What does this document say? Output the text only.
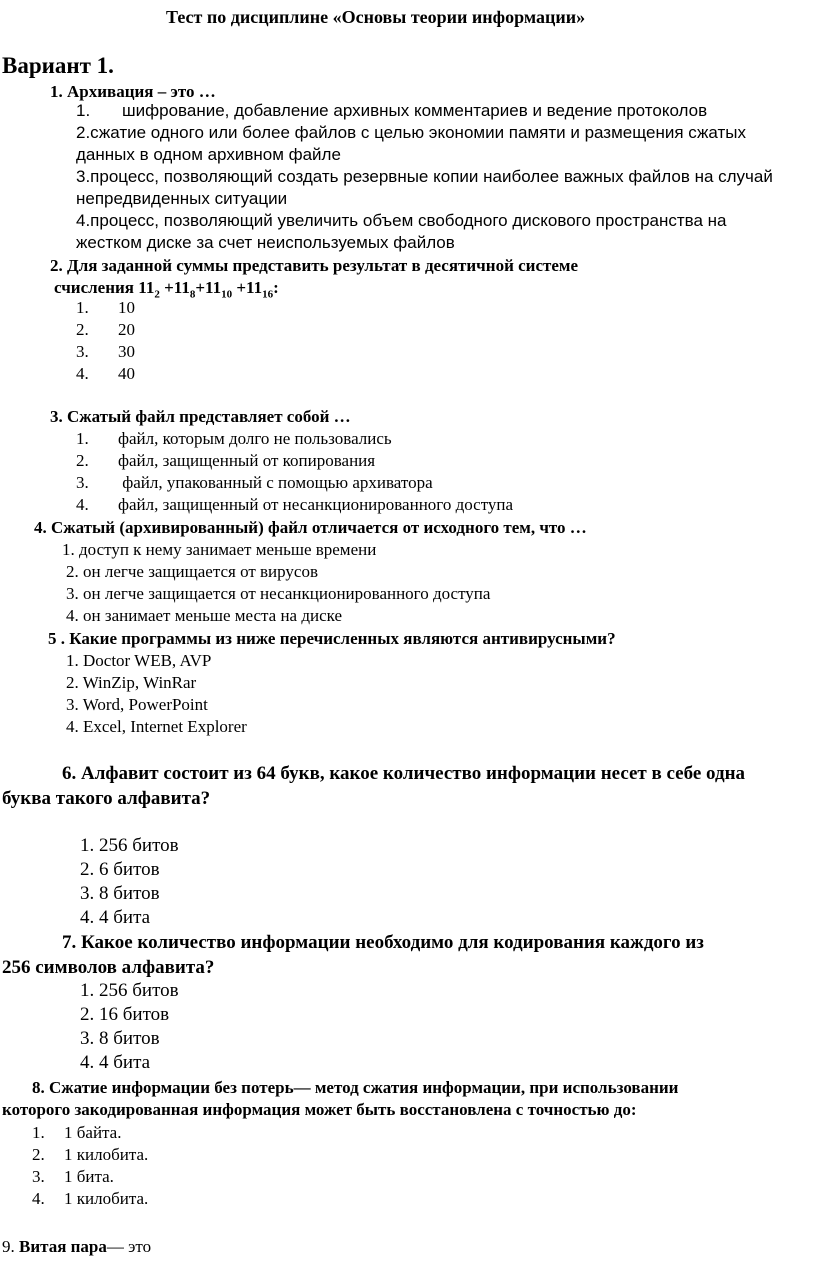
Тест по дисциплине «Основы теории информации»
Вариант 1.
1. Архивация – это …
1. шифрование, добавление архивных комментариев и ведение протоколов
2.сжатие одного или более файлов с целью экономии памяти и размещения сжатых
данных в одном архивном файле
3.процесс, позволяющий создать резервные копии наиболее важных файлов на случай
непредвиденных ситуации
4.процесс, позволяющий увеличить объем свободного дискового пространства на
жестком диске за счет неиспользуемых файлов
2. Для заданной суммы представить результат в десятичной системе
счисления $11_2 +11_8+11_{10} +11_{16}$:
1. 10
2. 20
3. 30
4. 40
3. Сжатый файл представляет собой …
1. файл, которым долго не пользовались
2. файл, защищенный от копирования
3. файл, упакованный с помощью архиватора
4. файл, защищенный от несанкционированного доступа
4. Сжатый (архивированный) файл отличается от исходного тем, что …
1. доступ к нему занимает меньше времени
2. он легче защищается от вирусов
3. он легче защищается от несанкционированного доступа
4. он занимает меньше места на диске
5 . Какие программы из ниже перечисленных являются антивирусными?
1. Doctor WEB, AVP
2. WinZip, WinRar
3. Word, PowerPoint
4. Excel, Internet Explorer
6. Алфавит состоит из 64 букв, какое количество информации несет в себе одна
буква такого алфавита?
1. 256 битов
2. 6 битов
3. 8 битов
4. 4 бита
7. Какое количество информации необходимо для кодирования каждого из
256 символов алфавита?
1. 256 битов
2. 16 битов
3. 8 битов
4. 4 бита
8. Сжатие информации без потерь— метод сжатия информации, при использовании
которого закодированная информация может быть восстановлена с точностью до:
1. 1 байта.
2. 1 килобита.
3. 1 бита.
4. 1 килобита.
9. Витая пара— это
